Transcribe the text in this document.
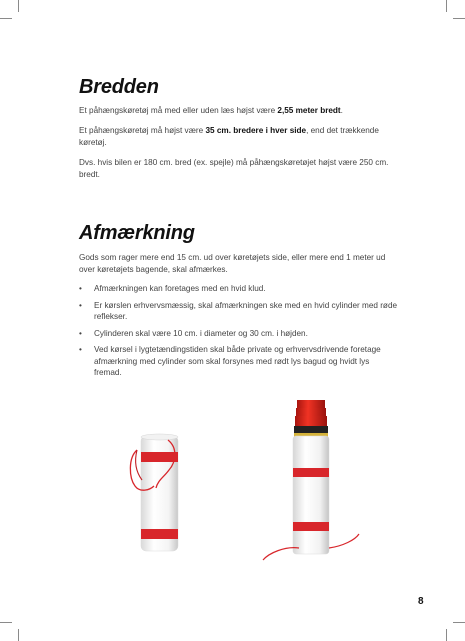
Bredden

Et påhængskøretøj må med eller uden læs højst være 2,55 meter bredt.

Et påhængskøretøj må højst være 35 cm. bredere i hver side, end det trækkende køretøj.

Dvs. hvis bilen er 180 cm. bred (ex. spejle) må påhængskøretøjet højst være 250 cm. bredt.

Afmærkning

Gods som rager mere end 15 cm. ud over køretøjets side, eller mere end 1 meter ud over køretøjets bagende, skal afmærkes.

• Afmærkningen kan foretages med en hvid klud.
• Er kørslen erhvervsmæssig, skal afmærkningen ske med en hvid cylinder med røde reflekser.
• Cylinderen skal være 10 cm. i diameter og 30 cm. i højden.
• Ved kørsel i lygtetændingstiden skal både private og erhvervsdrivende foretage afmærkning med cylinder som skal forsynes med rødt lys bagud og hvidt lys fremad.
8
